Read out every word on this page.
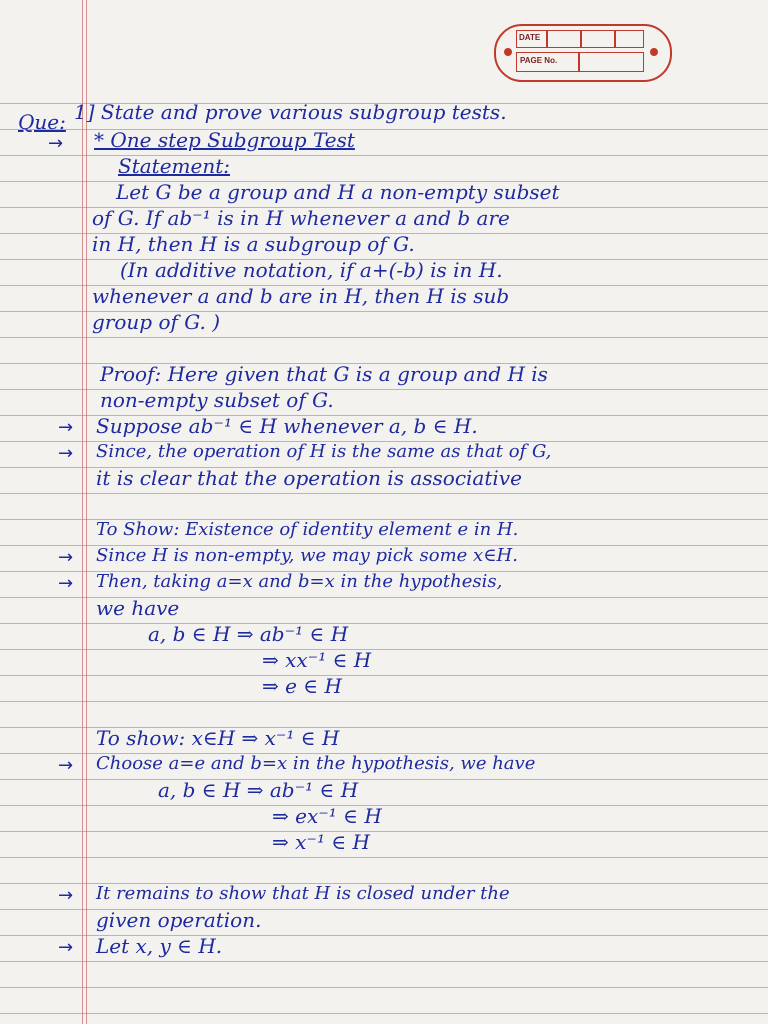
DATE
PAGE No.
Que: 1] State and prove various subgroup tests.
→ * One step Subgroup Test
Statement:
Let G be a group and H a non-empty subset
of G. If ab⁻¹ is in H whenever a and b are
in H, then H is a subgroup of G.
(In additive notation, if a+(-b) is in H.
whenever a and b are in H, then H is sub
group of G. )
Proof: Here given that G is a group and H is
non-empty subset of G.
→ Suppose ab⁻¹ ∈ H whenever a, b ∈ H.
→ Since, the operation of H is the same as that of G,
it is clear that the operation is associative
To Show: Existence of identity element e in H.
→ Since H is non-empty, we may pick some x∈H.
→ Then, taking a=x and b=x in the hypothesis,
we have
a, b ∈ H ⇒ ab⁻¹ ∈ H
⇒ xx⁻¹ ∈ H
⇒ e ∈ H
To show: x∈H ⇒ x⁻¹ ∈ H
→ Choose a=e and b=x in the hypothesis, we have
a, b ∈ H ⇒ ab⁻¹ ∈ H
⇒ ex⁻¹ ∈ H
⇒ x⁻¹ ∈ H
→ It remains to show that H is closed under the
given operation.
→ Let x, y ∈ H.
